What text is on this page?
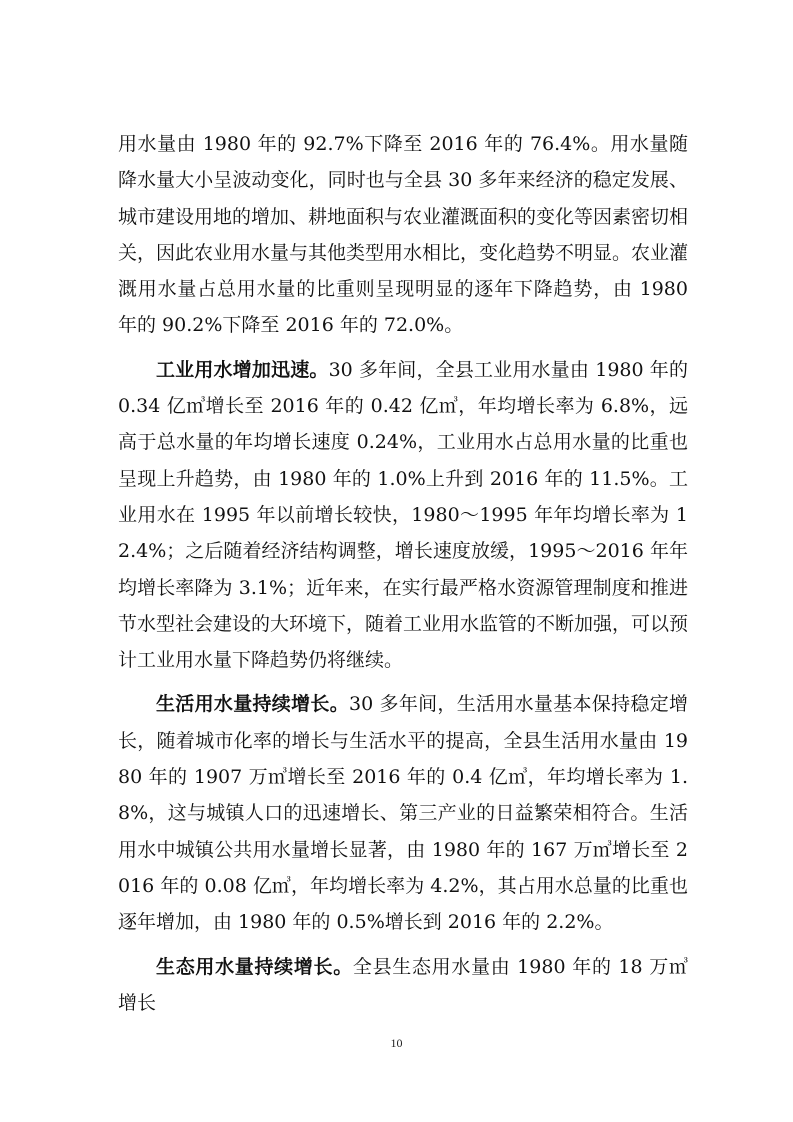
用水量由 1980 年的 92.7%下降至 2016 年的 76.4%。用水量随降水量大小呈波动变化，同时也与全县 30 多年来经济的稳定发展、城市建设用地的增加、耕地面积与农业灌溉面积的变化等因素密切相关，因此农业用水量与其他类型用水相比，变化趋势不明显。农业灌溉用水量占总用水量的比重则呈现明显的逐年下降趋势，由 1980 年的 90.2%下降至 2016 年的 72.0%。

工业用水增加迅速。30 多年间，全县工业用水量由 1980 年的 0.34 亿㎥增长至 2016 年的 0.42 亿㎥，年均增长率为 6.8%，远高于总水量的年均增长速度 0.24%，工业用水占总用水量的比重也呈现上升趋势，由 1980 年的 1.0%上升到 2016 年的 11.5%。工业用水在 1995 年以前增长较快，1980～1995 年年均增长率为 12.4%；之后随着经济结构调整，增长速度放缓，1995～2016 年年均增长率降为 3.1%；近年来，在实行最严格水资源管理制度和推进节水型社会建设的大环境下，随着工业用水监管的不断加强，可以预计工业用水量下降趋势仍将继续。

生活用水量持续增长。30 多年间，生活用水量基本保持稳定增长，随着城市化率的增长与生活水平的提高，全县生活用水量由 1980 年的 1907 万㎥增长至 2016 年的 0.4 亿㎥，年均增长率为 1.8%，这与城镇人口的迅速增长、第三产业的日益繁荣相符合。生活用水中城镇公共用水量增长显著，由 1980 年的 167 万㎥增长至 2016 年的 0.08 亿㎥，年均增长率为 4.2%，其占用水总量的比重也逐年增加，由 1980 年的 0.5%增长到 2016 年的 2.2%。

生态用水量持续增长。全县生态用水量由 1980 年的 18 万㎥增长

10
